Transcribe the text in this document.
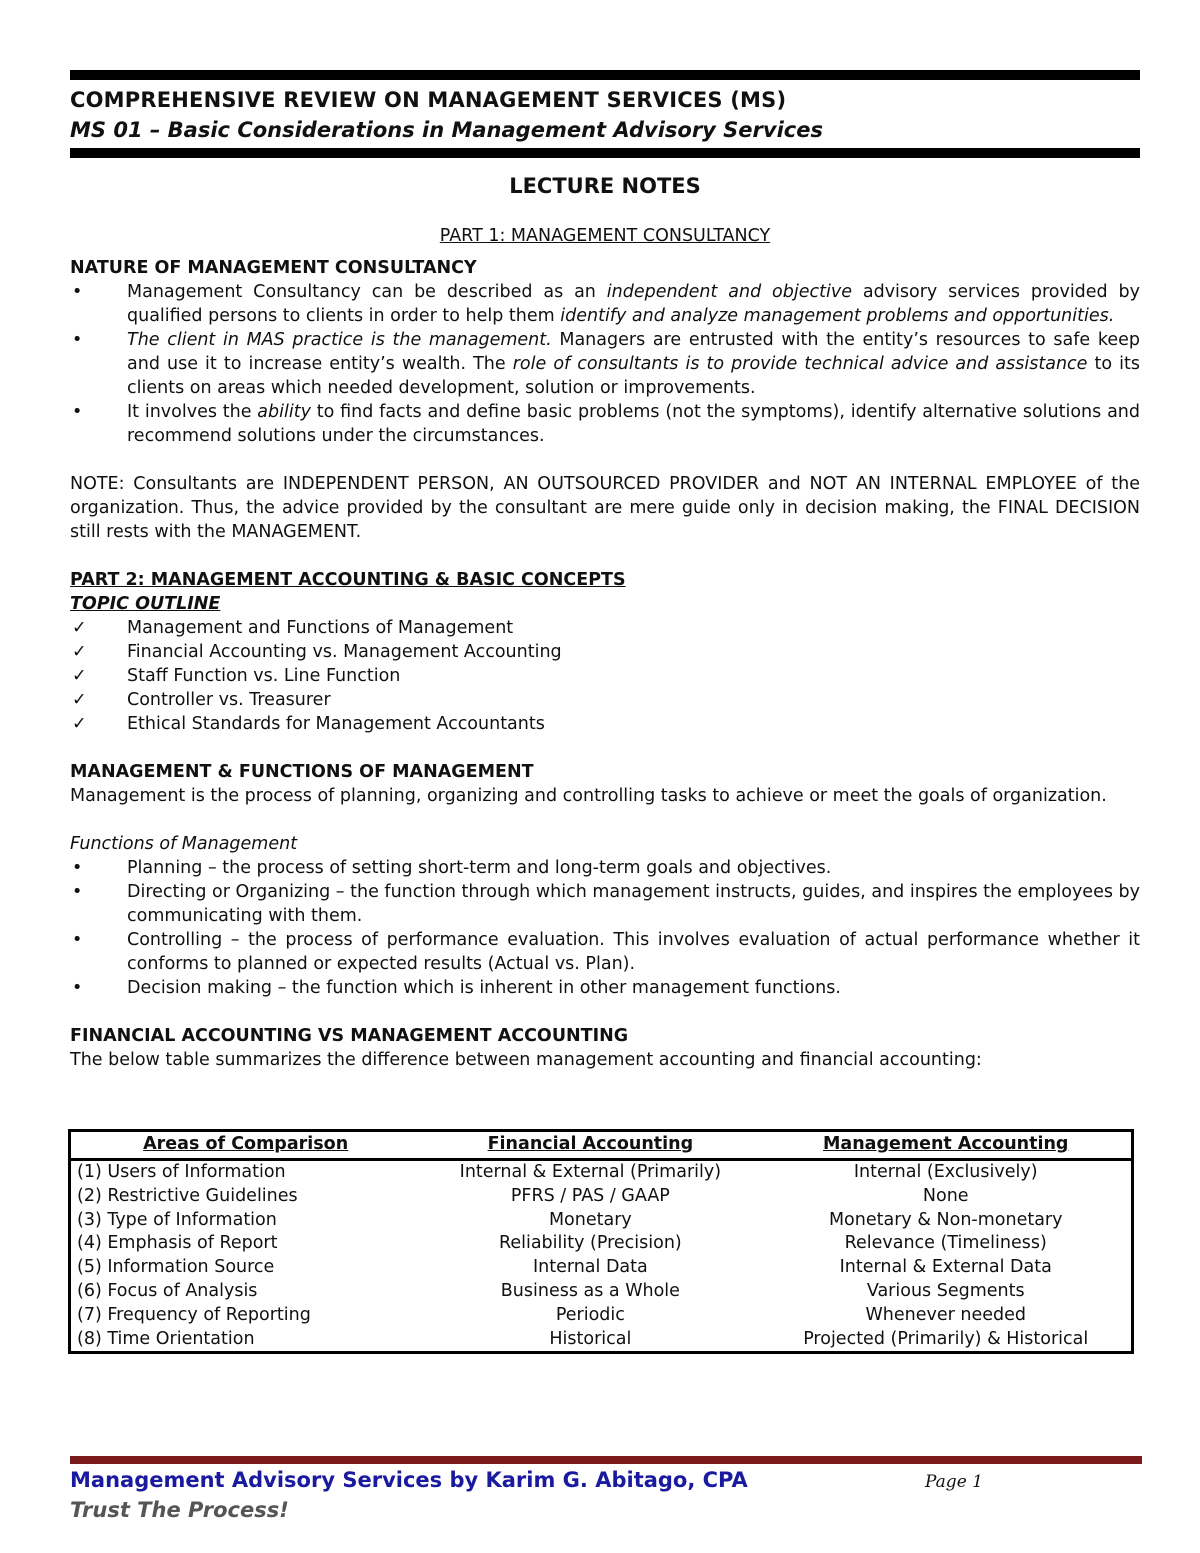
COMPREHENSIVE REVIEW ON MANAGEMENT SERVICES (MS)
MS 01 – Basic Considerations in Management Advisory Services
LECTURE NOTES
PART 1: MANAGEMENT CONSULTANCY
NATURE OF MANAGEMENT CONSULTANCY
•	Management Consultancy can be described as an independent and objective advisory services provided by qualified persons to clients in order to help them identify and analyze management problems and opportunities.
•	The client in MAS practice is the management. Managers are entrusted with the entity’s resources to safe keep and use it to increase entity’s wealth. The role of consultants is to provide technical advice and assistance to its clients on areas which needed development, solution or improvements.
•	It involves the ability to find facts and define basic problems (not the symptoms), identify alternative solutions and recommend solutions under the circumstances.
NOTE: Consultants are INDEPENDENT PERSON, AN OUTSOURCED PROVIDER and NOT AN INTERNAL EMPLOYEE of the organization. Thus, the advice provided by the consultant are mere guide only in decision making, the FINAL DECISION still rests with the MANAGEMENT.
PART 2: MANAGEMENT ACCOUNTING & BASIC CONCEPTS
TOPIC OUTLINE
✓	Management and Functions of Management
✓	Financial Accounting vs. Management Accounting
✓	Staff Function vs. Line Function
✓	Controller vs. Treasurer
✓	Ethical Standards for Management Accountants
MANAGEMENT & FUNCTIONS OF MANAGEMENT
Management is the process of planning, organizing and controlling tasks to achieve or meet the goals of organization.
Functions of Management
•	Planning – the process of setting short-term and long-term goals and objectives.
•	Directing or Organizing – the function through which management instructs, guides, and inspires the employees by communicating with them.
•	Controlling – the process of performance evaluation. This involves evaluation of actual performance whether it conforms to planned or expected results (Actual vs. Plan).
•	Decision making – the function which is inherent in other management functions.
FINANCIAL ACCOUNTING VS MANAGEMENT ACCOUNTING
The below table summarizes the difference between management accounting and financial accounting:
Areas of Comparison	Financial Accounting	Management Accounting
(1) Users of Information	Internal & External (Primarily)	Internal (Exclusively)
(2) Restrictive Guidelines	PFRS / PAS / GAAP	None
(3) Type of Information	Monetary	Monetary & Non-monetary
(4) Emphasis of Report	Reliability (Precision)	Relevance (Timeliness)
(5) Information Source	Internal Data	Internal & External Data
(6) Focus of Analysis	Business as a Whole	Various Segments
(7) Frequency of Reporting	Periodic	Whenever needed
(8) Time Orientation	Historical	Projected (Primarily) & Historical
Management Advisory Services by Karim G. Abitago, CPA	Page 1
Trust The Process!
